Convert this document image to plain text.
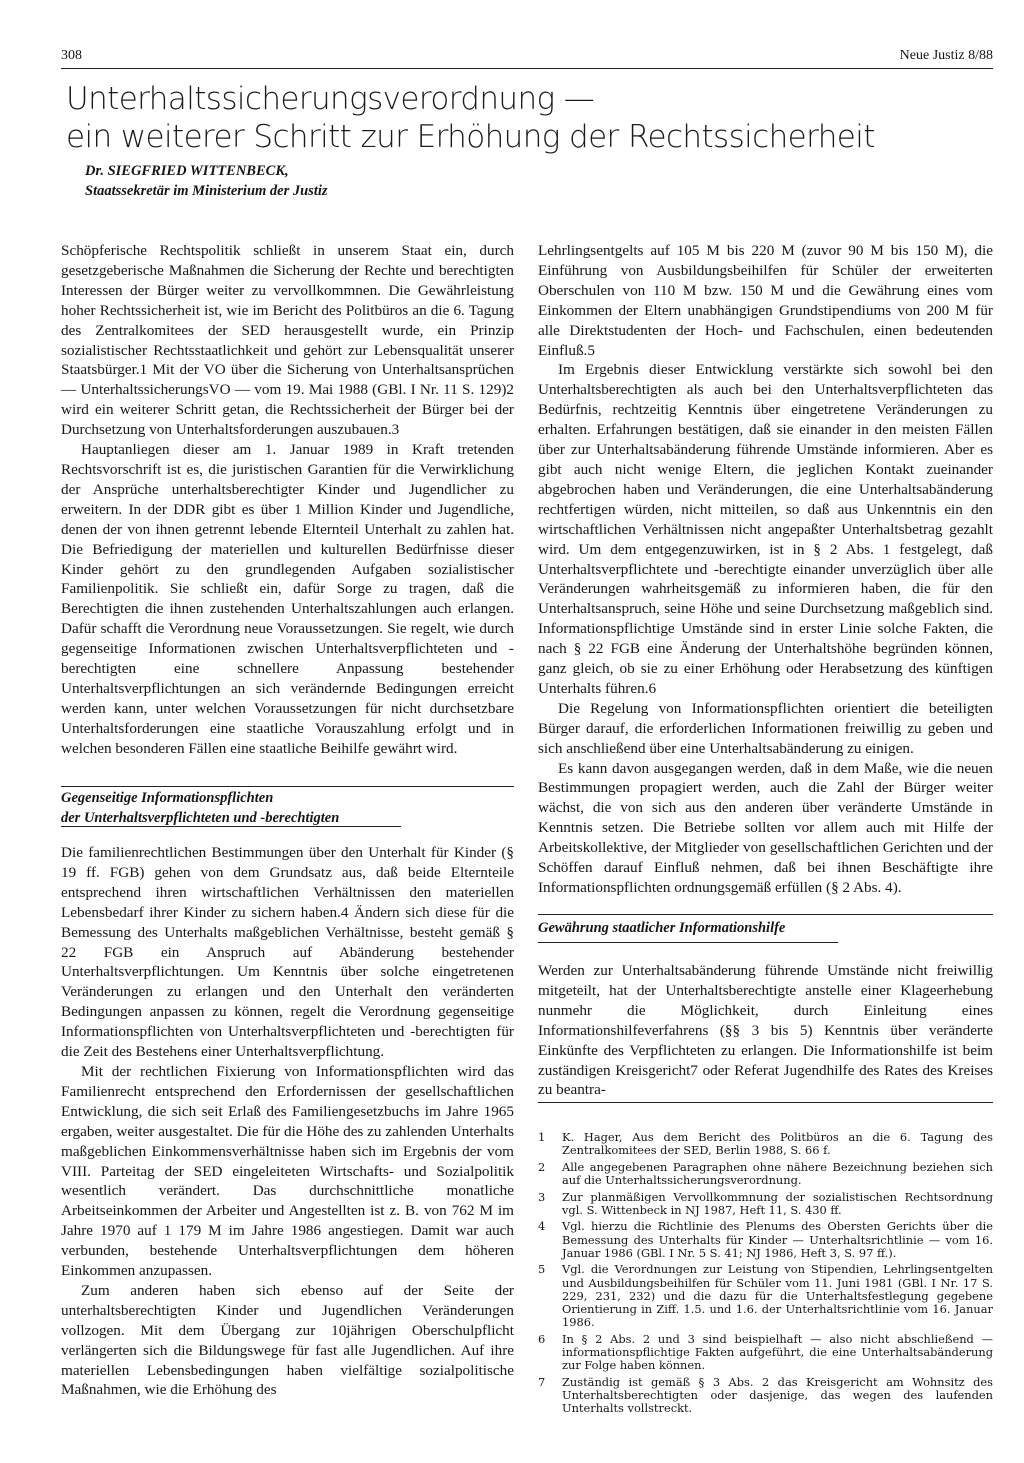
308	Neue Justiz 8/88
Unterhaltssicherungsverordnung —
ein weiterer Schritt zur Erhöhung der Rechtssicherheit
Dr. SIEGFRIED WITTENBECK,
Staatssekretär im Ministerium der Justiz

Schöpferische Rechtspolitik schließt in unserem Staat ein, durch gesetzgeberische Maßnahmen die Sicherung der Rechte und berechtigten Interessen der Bürger weiter zu vervollkommnen. Die Gewährleistung hoher Rechtssicherheit ist, wie im Bericht des Politbüros an die 6. Tagung des Zentralkomitees der SED herausgestellt wurde, ein Prinzip sozialistischer Rechtsstaatlichkeit und gehört zur Lebensqualität unserer Staatsbürger.1 Mit der VO über die Sicherung von Unterhaltsansprüchen — UnterhaltssicherungsVO — vom 19. Mai 1988 (GBl. I Nr. 11 S. 129)2 wird ein weiterer Schritt getan, die Rechtssicherheit der Bürger bei der Durchsetzung von Unterhaltsforderungen auszubauen.3

Hauptanliegen dieser am 1. Januar 1989 in Kraft tretenden Rechtsvorschrift ist es, die juristischen Garantien für die Verwirklichung der Ansprüche unterhaltsberechtigter Kinder und Jugendlicher zu erweitern. In der DDR gibt es über 1 Million Kinder und Jugendliche, denen der von ihnen getrennt lebende Elternteil Unterhalt zu zahlen hat. Die Befriedigung der materiellen und kulturellen Bedürfnisse dieser Kinder gehört zu den grundlegenden Aufgaben sozialistischer Familienpolitik. Sie schließt ein, dafür Sorge zu tragen, daß die Berechtigten die ihnen zustehenden Unterhaltszahlungen auch erlangen. Dafür schafft die Verordnung neue Voraussetzungen. Sie regelt, wie durch gegenseitige Informationen zwischen Unterhaltsverpflichteten und -berechtigten eine schnellere Anpassung bestehender Unterhaltsverpflichtungen an sich verändernde Bedingungen erreicht werden kann, unter welchen Voraussetzungen für nicht durchsetzbare Unterhaltsforderungen eine staatliche Vorauszahlung erfolgt und in welchen besonderen Fällen eine staatliche Beihilfe gewährt wird.

Gegenseitige Informationspflichten
der Unterhaltsverpflichteten und -berechtigten

Die familienrechtlichen Bestimmungen über den Unterhalt für Kinder (§ 19 ff. FGB) gehen von dem Grundsatz aus, daß beide Elternteile entsprechend ihren wirtschaftlichen Verhältnissen den materiellen Lebensbedarf ihrer Kinder zu sichern haben.4 Ändern sich diese für die Bemessung des Unterhalts maßgeblichen Verhältnisse, besteht gemäß § 22 FGB ein Anspruch auf Abänderung bestehender Unterhaltsverpflichtungen. Um Kenntnis über solche eingetretenen Veränderungen zu erlangen und den Unterhalt den veränderten Bedingungen anpassen zu können, regelt die Verordnung gegenseitige Informationspflichten von Unterhaltsverpflichteten und -berechtigten für die Zeit des Bestehens einer Unterhaltsverpflichtung.

Mit der rechtlichen Fixierung von Informationspflichten wird das Familienrecht entsprechend den Erfordernissen der gesellschaftlichen Entwicklung, die sich seit Erlaß des Familiengesetzbuchs im Jahre 1965 ergaben, weiter ausgestaltet. Die für die Höhe des zu zahlenden Unterhalts maßgeblichen Einkommensverhältnisse haben sich im Ergebnis der vom VIII. Parteitag der SED eingeleiteten Wirtschafts- und Sozialpolitik wesentlich verändert. Das durchschnittliche monatliche Arbeitseinkommen der Arbeiter und Angestellten ist z. B. von 762 M im Jahre 1970 auf 1 179 M im Jahre 1986 angestiegen. Damit war auch verbunden, bestehende Unterhaltsverpflichtungen dem höheren Einkommen anzupassen.

Zum anderen haben sich ebenso auf der Seite der unterhaltsberechtigten Kinder und Jugendlichen Veränderungen vollzogen. Mit dem Übergang zur 10jährigen Oberschulpflicht verlängerten sich die Bildungswege für fast alle Jugendlichen. Auf ihre materiellen Lebensbedingungen haben vielfältige sozialpolitische Maßnahmen, wie die Erhöhung des

Lehrlingsentgelts auf 105 M bis 220 M (zuvor 90 M bis 150 M), die Einführung von Ausbildungsbeihilfen für Schüler der erweiterten Oberschulen von 110 M bzw. 150 M und die Gewährung eines vom Einkommen der Eltern unabhängigen Grundstipendiums von 200 M für alle Direktstudenten der Hoch- und Fachschulen, einen bedeutenden Einfluß.5

Im Ergebnis dieser Entwicklung verstärkte sich sowohl bei den Unterhaltsberechtigten als auch bei den Unterhaltsverpflichteten das Bedürfnis, rechtzeitig Kenntnis über eingetretene Veränderungen zu erhalten. Erfahrungen bestätigen, daß sie einander in den meisten Fällen über zur Unterhaltsabänderung führende Umstände informieren. Aber es gibt auch nicht wenige Eltern, die jeglichen Kontakt zueinander abgebrochen haben und Veränderungen, die eine Unterhaltsabänderung rechtfertigen würden, nicht mitteilen, so daß aus Unkenntnis ein den wirtschaftlichen Verhältnissen nicht angepaßter Unterhaltsbetrag gezahlt wird. Um dem entgegenzuwirken, ist in § 2 Abs. 1 festgelegt, daß Unterhaltsverpflichtete und -berechtigte einander unverzüglich über alle Veränderungen wahrheitsgemäß zu informieren haben, die für den Unterhaltsanspruch, seine Höhe und seine Durchsetzung maßgeblich sind. Informationspflichtige Umstände sind in erster Linie solche Fakten, die nach § 22 FGB eine Änderung der Unterhaltshöhe begründen können, ganz gleich, ob sie zu einer Erhöhung oder Herabsetzung des künftigen Unterhalts führen.6

Die Regelung von Informationspflichten orientiert die beteiligten Bürger darauf, die erforderlichen Informationen freiwillig zu geben und sich anschließend über eine Unterhaltsabänderung zu einigen.

Es kann davon ausgegangen werden, daß in dem Maße, wie die neuen Bestimmungen propagiert werden, auch die Zahl der Bürger weiter wächst, die von sich aus den anderen über veränderte Umstände in Kenntnis setzen. Die Betriebe sollten vor allem auch mit Hilfe der Arbeitskollektive, der Mitglieder von gesellschaftlichen Gerichten und der Schöffen darauf Einfluß nehmen, daß bei ihnen Beschäftigte ihre Informationspflichten ordnungsgemäß erfüllen (§ 2 Abs. 4).

Gewährung staatlicher Informationshilfe

Werden zur Unterhaltsabänderung führende Umstände nicht freiwillig mitgeteilt, hat der Unterhaltsberechtigte anstelle einer Klageerhebung nunmehr die Möglichkeit, durch Einleitung eines Informationshilfeverfahrens (§§ 3 bis 5) Kenntnis über veränderte Einkünfte des Verpflichteten zu erlangen. Die Informationshilfe ist beim zuständigen Kreisgericht7 oder Referat Jugendhilfe des Rates des Kreises zu beantra-

1	K. Hager, Aus dem Bericht des Politbüros an die 6. Tagung des Zentralkomitees der SED, Berlin 1988, S. 66 f.
2	Alle angegebenen Paragraphen ohne nähere Bezeichnung beziehen sich auf die Unterhaltssicherungsverordnung.
3	Zur planmäßigen Vervollkommnung der sozialistischen Rechtsordnung vgl. S. Wittenbeck in NJ 1987, Heft 11, S. 430 ff.
4	Vgl. hierzu die Richtlinie des Plenums des Obersten Gerichts über die Bemessung des Unterhalts für Kinder — Unterhaltsrichtlinie — vom 16. Januar 1986 (GBl. I Nr. 5 S. 41; NJ 1986, Heft 3, S. 97 ff.).
5	Vgl. die Verordnungen zur Leistung von Stipendien, Lehrlingsentgelten und Ausbildungsbeihilfen für Schüler vom 11. Juni 1981 (GBl. I Nr. 17 S. 229, 231, 232) und die dazu für die Unterhaltsfestlegung gegebene Orientierung in Ziff. 1.5. und 1.6. der Unterhaltsrichtlinie vom 16. Januar 1986.
6	In § 2 Abs. 2 und 3 sind beispielhaft — also nicht abschließend — informationspflichtige Fakten aufgeführt, die eine Unterhaltsabänderung zur Folge haben können.
7	Zuständig ist gemäß § 3 Abs. 2 das Kreisgericht am Wohnsitz des Unterhaltsberechtigten oder dasjenige, das wegen des laufenden Unterhalts vollstreckt.
